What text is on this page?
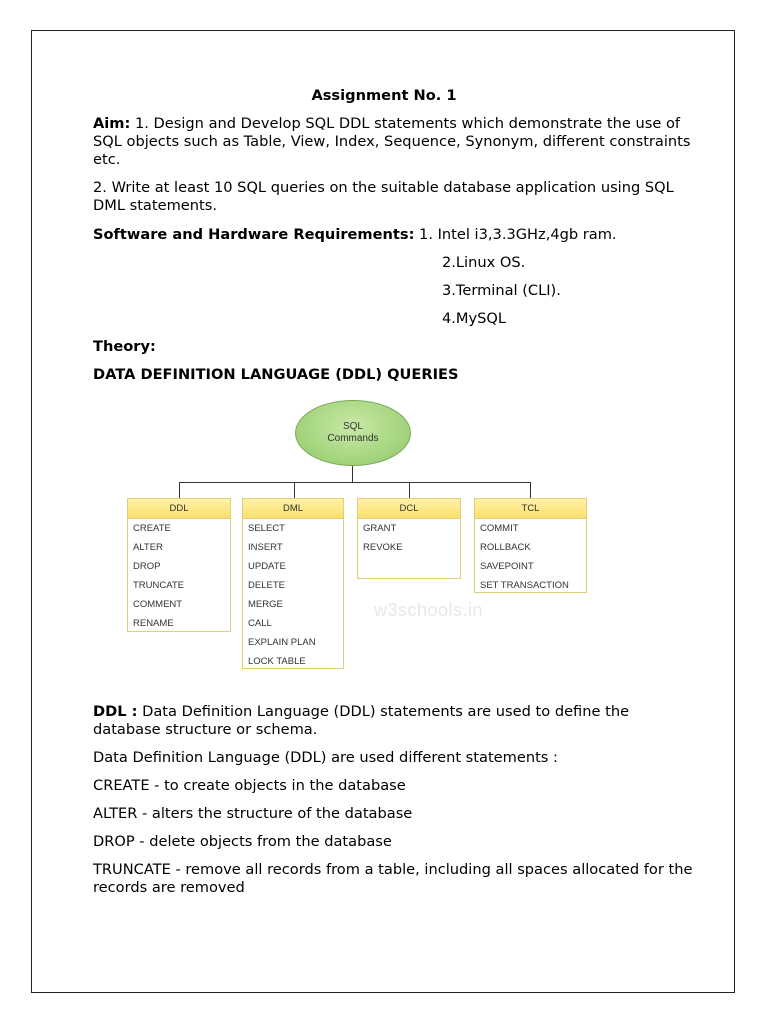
Assignment No. 1

Aim: 1. Design and Develop SQL DDL statements which demonstrate the use of SQL objects such as Table, View, Index, Sequence, Synonym, different constraints etc.

2. Write at least 10 SQL queries on the suitable database application using SQL DML statements.

Software and Hardware Requirements: 1. Intel i3,3.3GHz,4gb ram.

2.Linux OS.
3.Terminal (CLI).
4.MySQL

Theory:

DATA DEFINITION LANGUAGE (DDL) QUERIES

SQL
Commands
DDL
CREATE
ALTER
DROP
TRUNCATE
COMMENT
RENAME
DML
SELECT
INSERT
UPDATE
DELETE
MERGE
CALL
EXPLAIN PLAN
LOCK TABLE
DCL
GRANT
REVOKE
TCL
COMMIT
ROLLBACK
SAVEPOINT
SET TRANSACTION
w3schools.in

DDL : Data Definition Language (DDL) statements are used to define the database structure or schema.

Data Definition Language (DDL) are used different statements :

CREATE - to create objects in the database

ALTER - alters the structure of the database

DROP - delete objects from the database

TRUNCATE - remove all records from a table, including all spaces allocated for the records are removed
